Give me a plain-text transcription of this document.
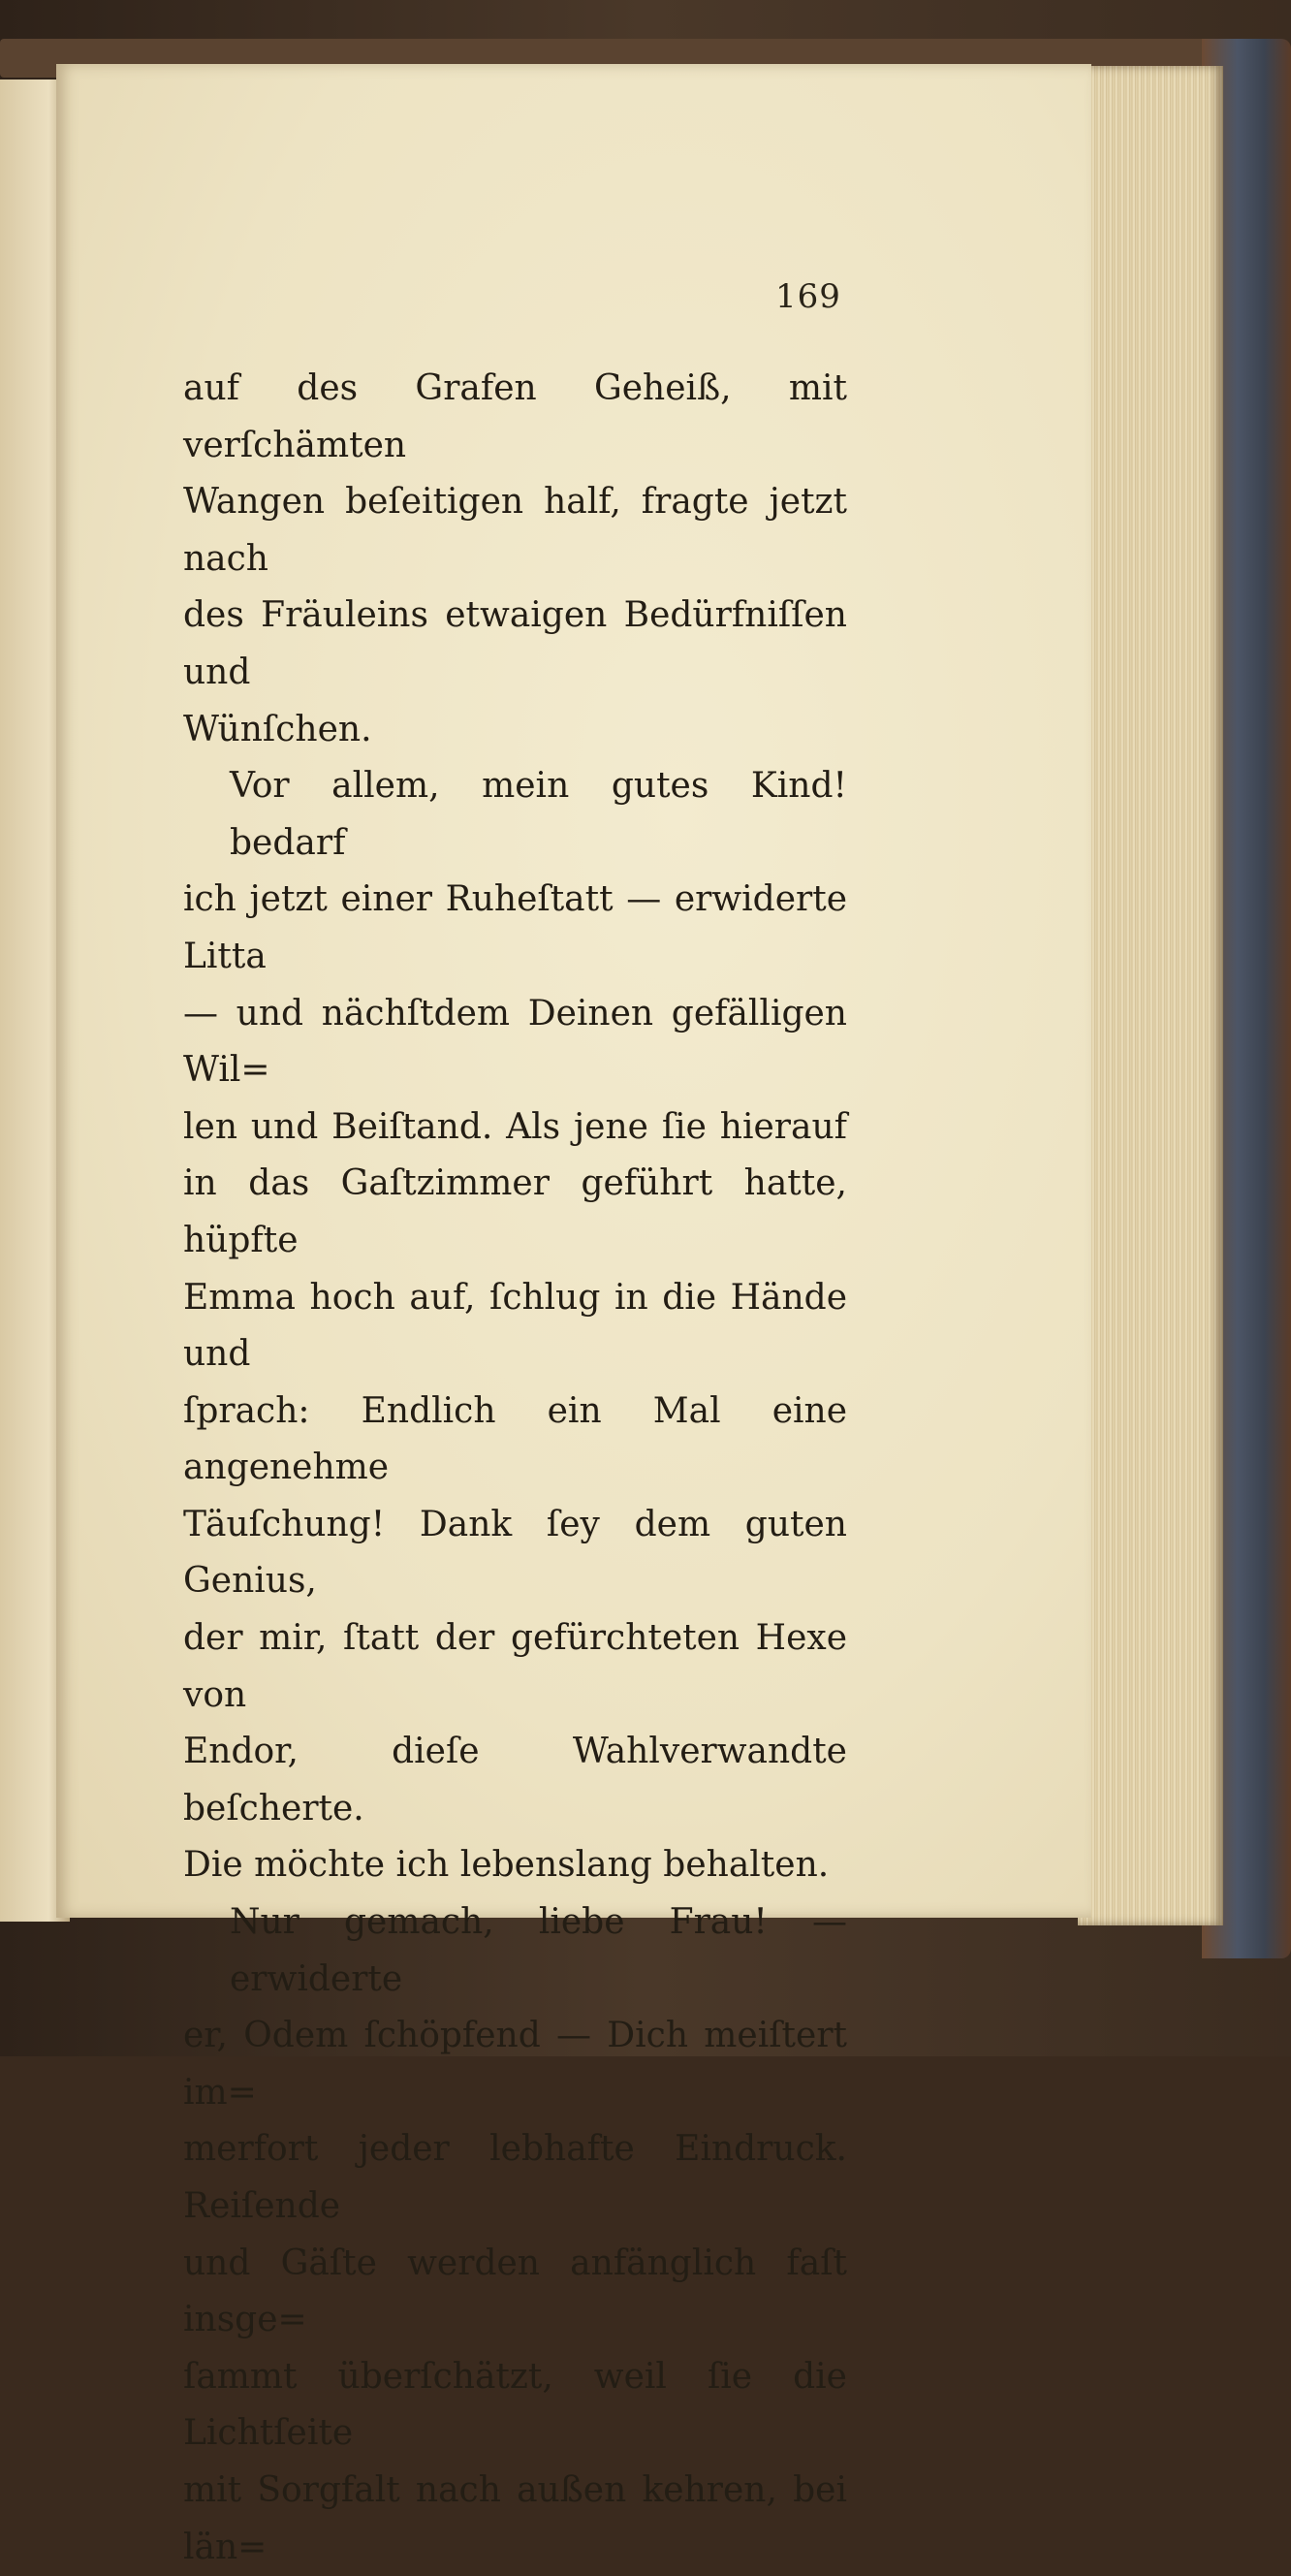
169
auf des Grafen Geheiß, mit verſchämten
Wangen beſeitigen half, fragte jetzt nach
des Fräuleins etwaigen Bedürfniſſen und
Wünſchen.
Vor allem, mein gutes Kind! bedarf
ich jetzt einer Ruheſtatt — erwiderte Litta
— und nächſtdem Deinen gefälligen Wil=
len und Beiſtand. Als jene ſie hierauf
in das Gaſtzimmer geführt hatte, hüpfte
Emma hoch auf, ſchlug in die Hände und
ſprach: Endlich ein Mal eine angenehme
Täuſchung! Dank ſey dem guten Genius,
der mir, ſtatt der gefürchteten Hexe von
Endor, dieſe Wahlverwandte beſcherte.
Die möchte ich lebenslang behalten.
Nur gemach, liebe Frau! — erwiderte
er, Odem ſchöpfend — Dich meiſtert im=
merfort jeder lebhafte Eindruck. Reiſende
und Gäſte werden anfänglich faſt insge=
ſammt überſchätzt, weil ſie die Lichtſeite
mit Sorgfalt nach außen kehren, bei län=
